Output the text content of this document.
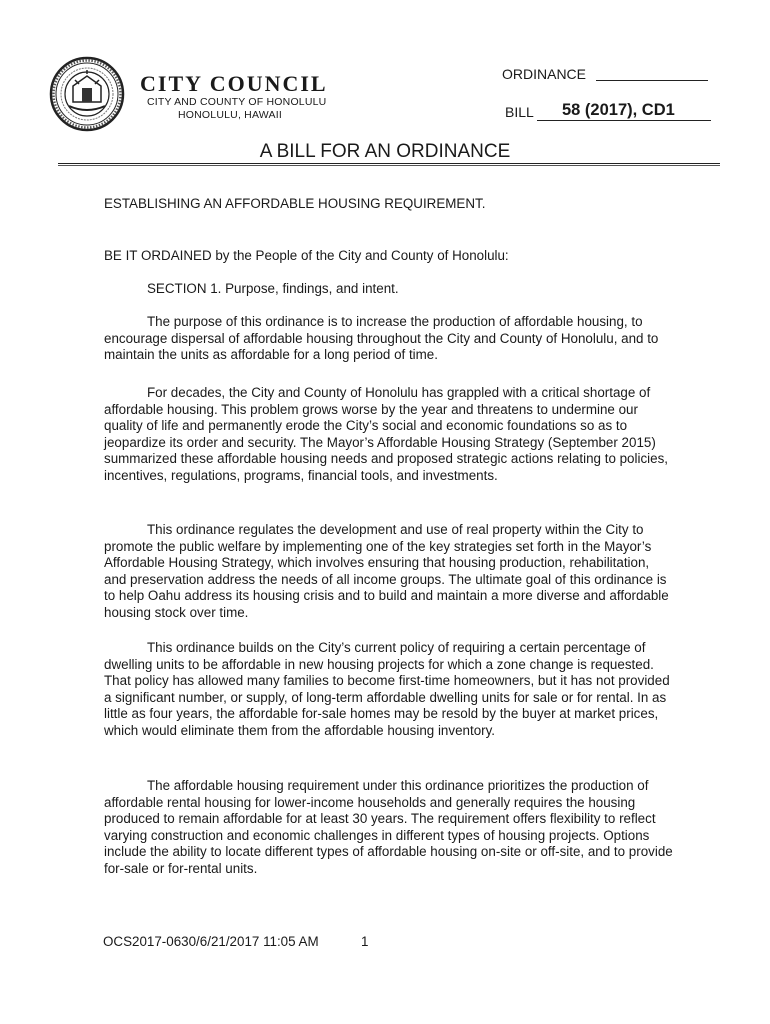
CITY COUNCIL
CITY AND COUNTY OF HONOLULU
HONOLULU, HAWAII
ORDINANCE
BILL	58 (2017), CD1
A BILL FOR AN ORDINANCE

ESTABLISHING AN AFFORDABLE HOUSING REQUIREMENT.

BE IT ORDAINED by the People of the City and County of Honolulu:

SECTION 1. Purpose, findings, and intent.

The purpose of this ordinance is to increase the production of affordable housing, to encourage dispersal of affordable housing throughout the City and County of Honolulu, and to maintain the units as affordable for a long period of time.

For decades, the City and County of Honolulu has grappled with a critical shortage of affordable housing. This problem grows worse by the year and threatens to undermine our quality of life and permanently erode the City’s social and economic foundations so as to jeopardize its order and security. The Mayor’s Affordable Housing Strategy (September 2015) summarized these affordable housing needs and proposed strategic actions relating to policies, incentives, regulations, programs, financial tools, and investments.

This ordinance regulates the development and use of real property within the City to promote the public welfare by implementing one of the key strategies set forth in the Mayor’s Affordable Housing Strategy, which involves ensuring that housing production, rehabilitation, and preservation address the needs of all income groups. The ultimate goal of this ordinance is to help Oahu address its housing crisis and to build and maintain a more diverse and affordable housing stock over time.

This ordinance builds on the City’s current policy of requiring a certain percentage of dwelling units to be affordable in new housing projects for which a zone change is requested. That policy has allowed many families to become first-time homeowners, but it has not provided a significant number, or supply, of long-term affordable dwelling units for sale or for rental. In as little as four years, the affordable for-sale homes may be resold by the buyer at market prices, which would eliminate them from the affordable housing inventory.

The affordable housing requirement under this ordinance prioritizes the production of affordable rental housing for lower-income households and generally requires the housing produced to remain affordable for at least 30 years. The requirement offers flexibility to reflect varying construction and economic challenges in different types of housing projects. Options include the ability to locate different types of affordable housing on-site or off-site, and to provide for-sale or for-rental units.

OCS2017-0630/6/21/2017 11:05 AM	1
